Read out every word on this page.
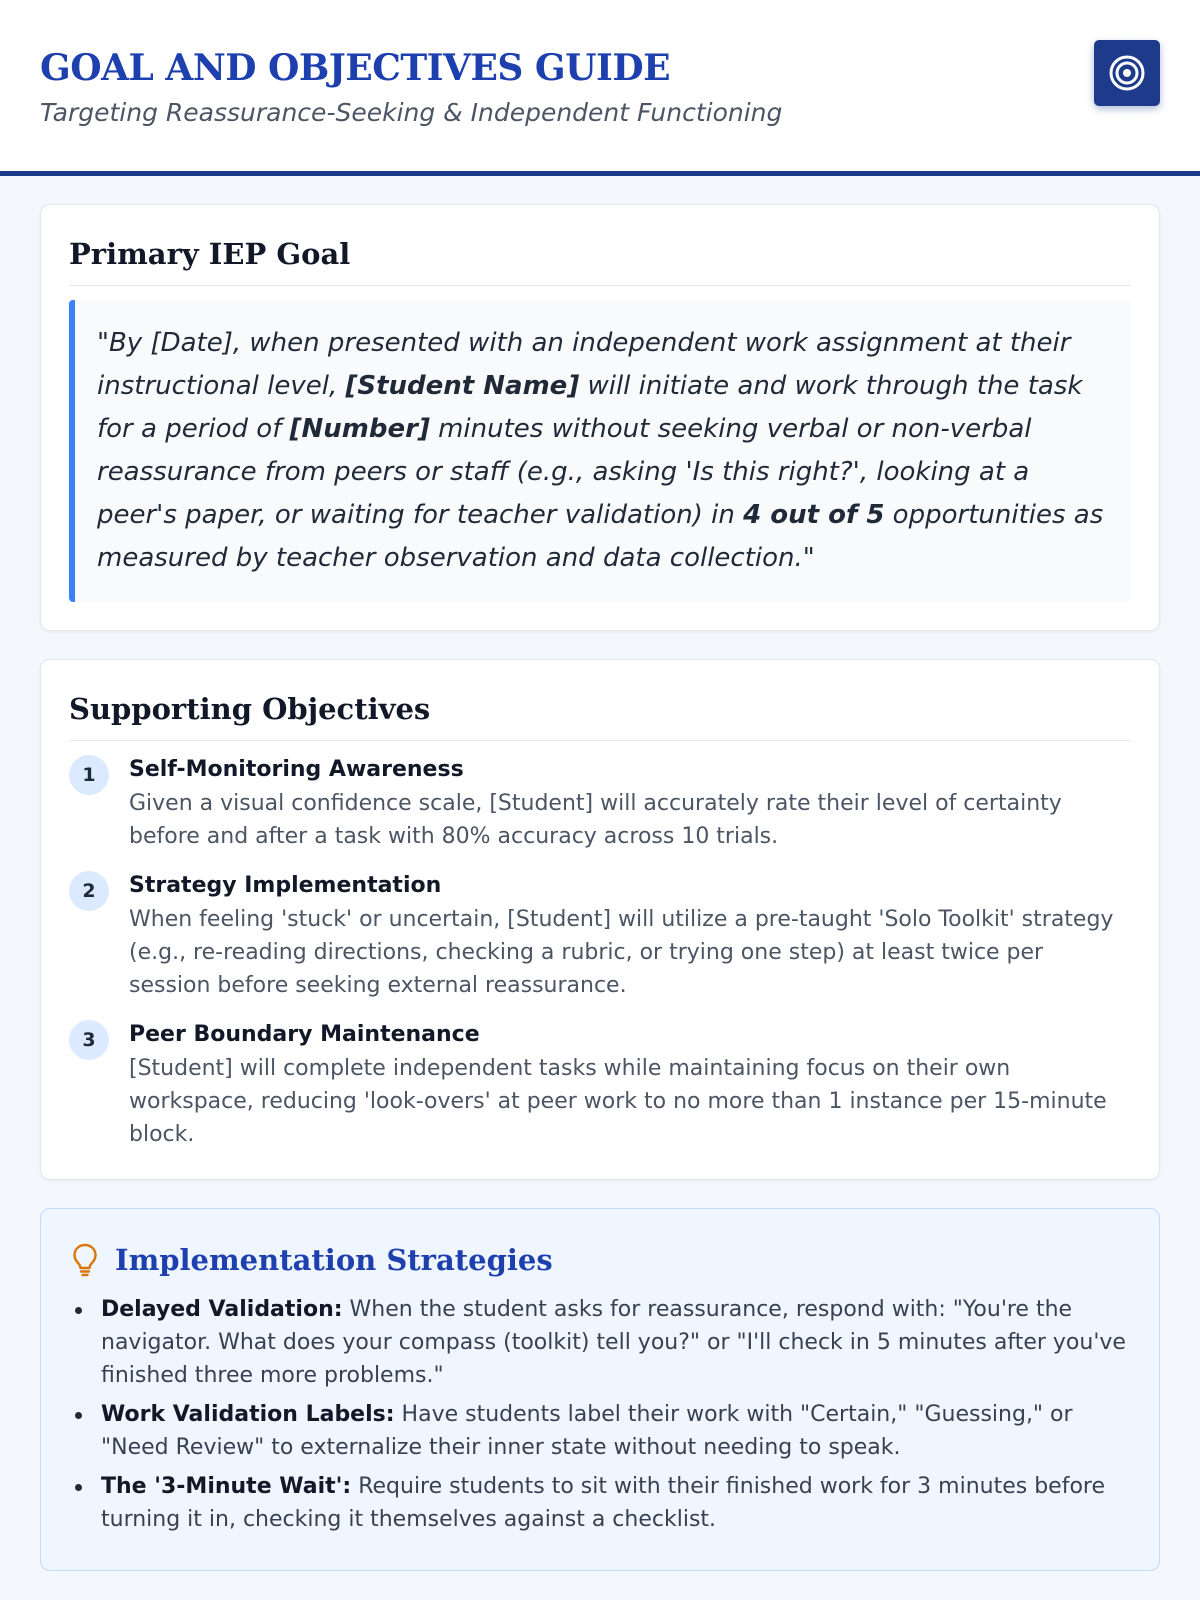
GOAL AND OBJECTIVES GUIDE
Targeting Reassurance-Seeking & Independent Functioning
Primary IEP Goal
"By [Date], when presented with an independent work assignment at their instructional level, [Student Name] will initiate and work through the task for a period of [Number] minutes without seeking verbal or non-verbal reassurance from peers or staff (e.g., asking 'Is this right?', looking at a peer's paper, or waiting for teacher validation) in 4 out of 5 opportunities as measured by teacher observation and data collection."
Supporting Objectives
1	Self-Monitoring Awareness
Given a visual confidence scale, [Student] will accurately rate their level of certainty before and after a task with 80% accuracy across 10 trials.
2	Strategy Implementation
When feeling 'stuck' or uncertain, [Student] will utilize a pre-taught 'Solo Toolkit' strategy (e.g., re-reading directions, checking a rubric, or trying one step) at least twice per session before seeking external reassurance.
3	Peer Boundary Maintenance
[Student] will complete independent tasks while maintaining focus on their own workspace, reducing 'look-overs' at peer work to no more than 1 instance per 15-minute block.
Implementation Strategies
Delayed Validation: When the student asks for reassurance, respond with: "You're the navigator. What does your compass (toolkit) tell you?" or "I'll check in 5 minutes after you've finished three more problems."
Work Validation Labels: Have students label their work with "Certain," "Guessing," or "Need Review" to externalize their inner state without needing to speak.
The '3-Minute Wait': Require students to sit with their finished work for 3 minutes before turning it in, checking it themselves against a checklist.
